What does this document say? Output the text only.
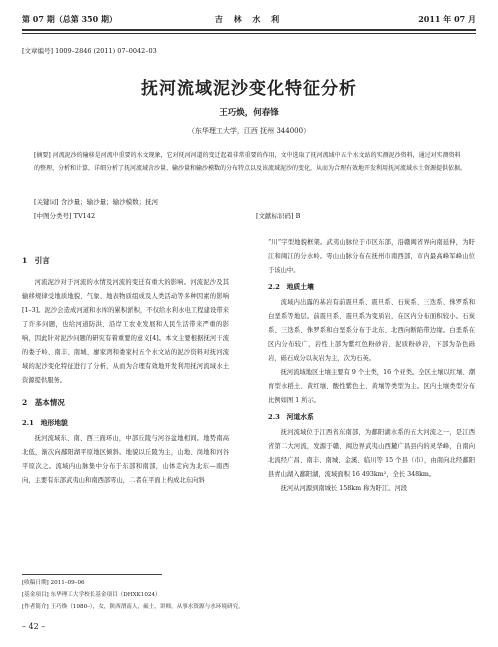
第 07 期（总第 350 期）	吉 林 水 利	2011 年 07 月
[文章编号] 1009–2846 (2011) 07–0042–03
抚河流域泥沙变化特征分析
王巧焕，何春锋
（东华理工大学，江西 抚州 344000）
[摘要] 河流泥沙的输移是河流中重要的水文现象，它对抚河河道的变迁起着非常重要的作用，文中选取了抚河流域中五个水文站的实测泥沙资料，通过对实测资料的整理、分析和计算，详细分析了抚河流域含沙量、输沙量和输沙模数的分布特点以及该流域泥沙的变化，从而为合理有效地开发利用抚河流域水土资源提供依据。
[关键词] 含沙量；输沙量；输沙模数；抚河
[中图分类号] TV142	[文献标识码] B
1　引言

河流泥沙对于河流的水情及河流的变迁有重大的影响。河流泥沙及其输移规律受地质地貌、气象、地表物质组成及人类活动等多种因素的影响[1–3]。泥沙会造成河道和水库的累积淤积，不仅给水利水电工程建设带来了许多问题，也给河道防洪、沿岸工农业发展和人民生活带来严重的影响，因此针对泥沙问题的研究有着重要的意义[4]。本文主要根据抚河干流的娄子岭、南丰、南城、廖家湾和娄家村五个水文站的泥沙资料对抚河流域的泥沙变化特征进行了分析，从而为合理有效地开发利用抚河流域水土资源提供服务。

2　基本情况
2.1　地形地貌

抚河流域东、南、西三面环山，中部丘陵与河谷盆地相间。地势南高北低，渐次向鄱阳湖平原地区倾斜。地貌以丘陵为主，山地、岗地和河谷平原次之。流域内山脉集中分布于东部和南部，山体走向为北东—南西向，主要有东部武夷山和南西部雩山，二者在平面上构成北东向斜

“川”字型地貌框架。武夷山脉位于市区东部，沿赣闽省界向南延伸，为盱江和闽江的分水岭。雩山山脉分布在抚州市南西部，市内最高峰军峰山位于该山中。

2.2　地质土壤

流域内出露的基岩有前震旦系、震旦系、石炭系、三迭系、侏罗系和白垩系等地层。前震旦系、震旦系为变质岩，在区内分布面积较小。石炭系、三迭系、侏罗系和白垩系分布于北东、北西向断陷带边缘。白垩系在区内分布较广，岩性上部为紫红色粉砂岩、泥质粉砂岩，下部为杂色砾岩，砾石成分以灰岩为主，次为石英。

抚河流域地区土壤主要有 9 个土类，16 个亚类。全区土壤以红壤、潮育型水稻土、黄红壤、酸性紫色土、黄壤等类型为主。区内土壤类型分布比例如图 1 所示。

2.3　河道水系

抚河流域位于江西省东南部，为鄱阳湖水系的五大河流之一，是江西省第二大河流，发源于赣、闽边界武夷山西麓广昌县内的灵华峰，自南向北流经广昌、南丰、南城、金溪、临川等 15 个县（市），由南向北经鄱阳县青山湖入鄱阳湖，流域面积 16 493km²，全长 348km。

抚河从河源到南城长 158km 称为盱江。河段

[收稿日期] 2011–09–06
[基金项目] 东华理工大学校长基金项目（DHXK1024）
[作者简介] 王巧焕（1980–），女，陕西渭南人，硕士，讲师，从事水资源与水环境研究。
– 42 –
